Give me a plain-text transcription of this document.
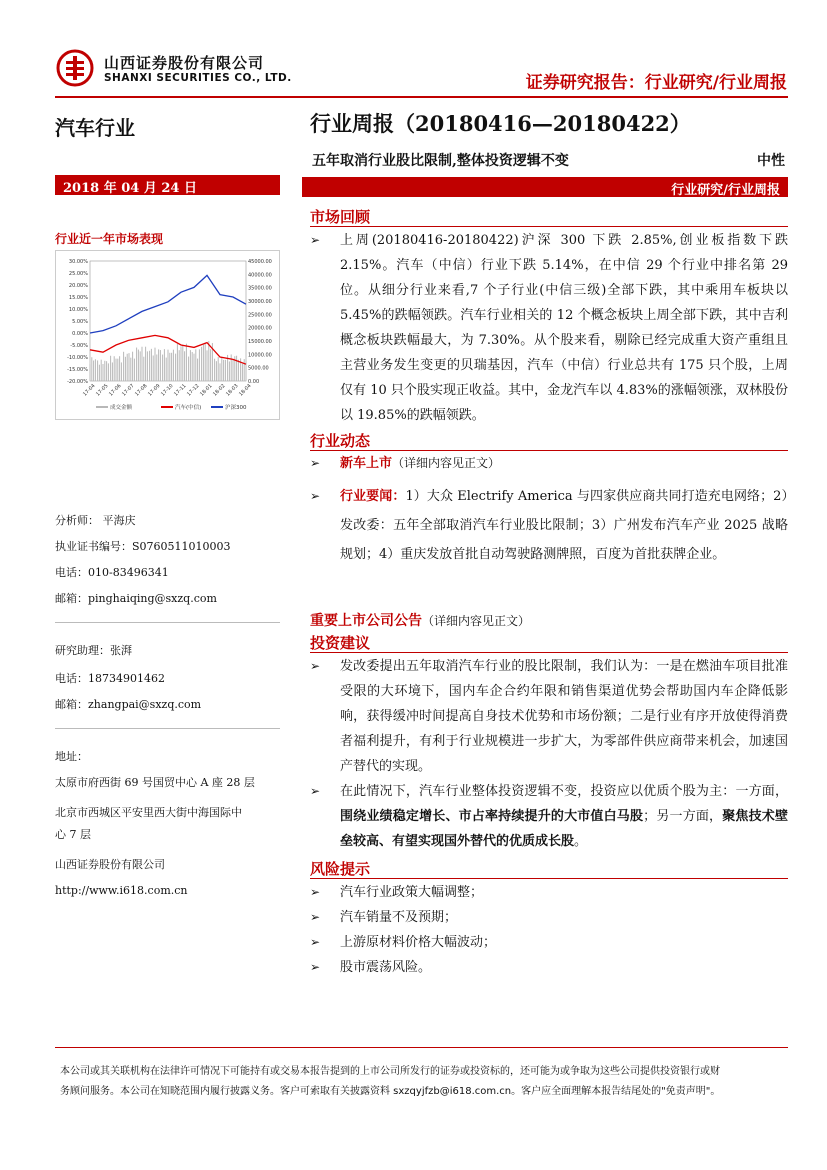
山西证券股份有限公司
SHANXI SECURITIES CO., LTD.	证券研究报告：行业研究/行业周报
汽车行业	行业周报（20180416—20180422）
五年取消行业股比限制,整体投资逻辑不变	中性
2018 年 04 月 24 日	行业研究/行业周报
行业近一年市场表现
30.00%
25.00%
20.00%
15.00%
10.00%
5.00%
0.00%
-5.00%
-10.00%
-15.00%
-20.00%
45000.00
40000.00
35000.00
30000.00
25000.00
20000.00
15000.00
10000.00
5000.00
0.00
17-04
17-05
17-06
17-07
17-08
17-09
17-10
17-11
17-12
18-01
18-02
18-03
18-04
成交金额	汽车(中信)	沪深300
分析师： 平海庆
执业证书编号：S0760511010003
电话：010-83496341
邮箱：pinghaiqing@sxzq.com
研究助理：张湃
电话：18734901462
邮箱：zhangpai@sxzq.com
地址：
太原市府西街 69 号国贸中心 A 座 28 层
北京市西城区平安里西大街中海国际中
心 7 层
山西证券股份有限公司
http://www.i618.com.cn
市场回顾
➢	上周(20180416-20180422)沪深 300 下跌 2.85%,创业板指数下跌 2.15%。汽车（中信）行业下跌 5.14%，在中信 29 个行业中排名第 29 位。从细分行业来看,7 个子行业(中信三级)全部下跌，其中乘用车板块以 5.45%的跌幅领跌。汽车行业相关的 12 个概念板块上周全部下跌，其中吉利概念板块跌幅最大，为 7.30%。从个股来看，剔除已经完成重大资产重组且主营业务发生变更的贝瑞基因，汽车（中信）行业总共有 175 只个股，上周仅有 10 只个股实现正收益。其中，金龙汽车以 4.83%的涨幅领涨，双林股份以 19.85%的跌幅领跌。
行业动态
➢	新车上市（详细内容见正文）
➢	行业要闻：1）大众 Electrify America 与四家供应商共同打造充电网络；2）发改委：五年全部取消汽车行业股比限制；3）广州发布汽车产业 2025 战略规划；4）重庆发放首批自动驾驶路测牌照，百度为首批获牌企业。
重要上市公司公告（详细内容见正文）
投资建议
➢	发改委提出五年取消汽车行业的股比限制，我们认为：一是在燃油车项目批准受限的大环境下，国内车企合约年限和销售渠道优势会帮助国内车企降低影响，获得缓冲时间提高自身技术优势和市场份额；二是行业有序开放使得消费者福利提升，有利于行业规模进一步扩大，为零部件供应商带来机会，加速国产替代的实现。
➢	在此情况下，汽车行业整体投资逻辑不变，投资应以优质个股为主：一方面，围绕业绩稳定增长、市占率持续提升的大市值白马股；另一方面，聚焦技术壁垒较高、有望实现国外替代的优质成长股。
风险提示
➢	汽车行业政策大幅调整；
➢	汽车销量不及预期；
➢	上游原材料价格大幅波动；
➢	股市震荡风险。
本公司或其关联机构在法律许可情况下可能持有或交易本报告提到的上市公司所发行的证券或投资标的，还可能为或争取为这些公司提供投资银行或财
务顾问服务。本公司在知晓范围内履行披露义务。客户可索取有关披露资料 sxzqyjfzb@i618.com.cn。客户应全面理解本报告结尾处的"免责声明"。
